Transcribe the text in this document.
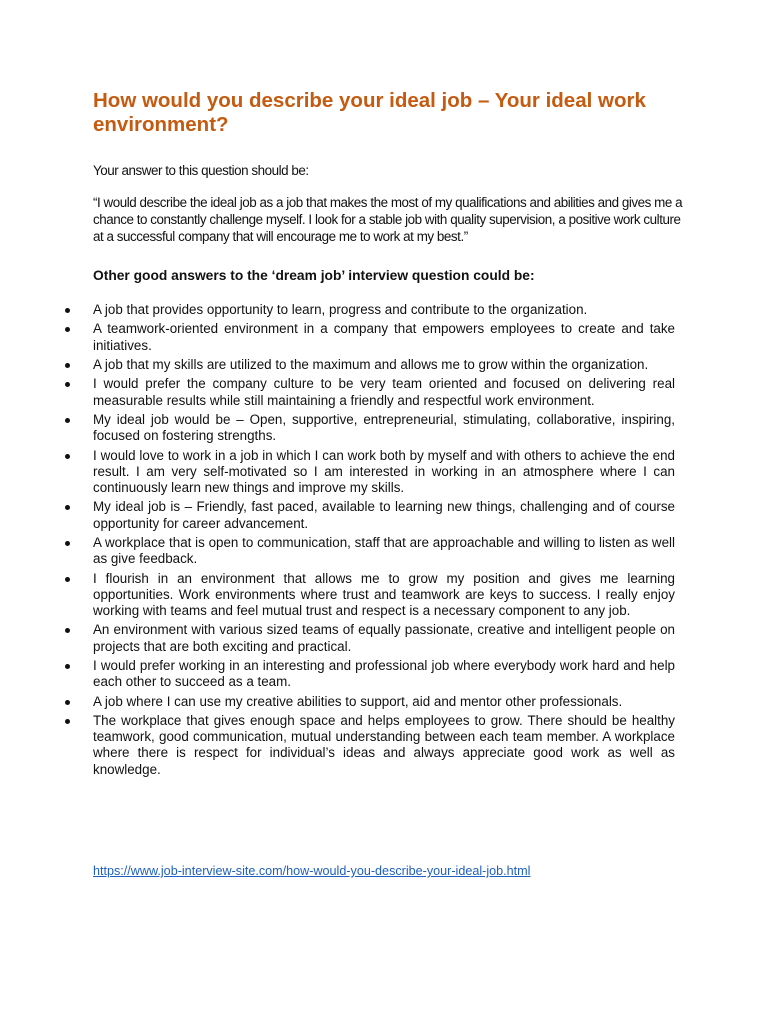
How would you describe your ideal job – Your ideal work environment?

Your answer to this question should be:

“I would describe the ideal job as a job that makes the most of my qualifications and abilities and gives me a chance to constantly challenge myself. I look for a stable job with quality supervision, a positive work culture at a successful company that will encourage me to work at my best.”

Other good answers to the ‘dream job’ interview question could be:

A job that provides opportunity to learn, progress and contribute to the organization.
A teamwork-oriented environment in a company that empowers employees to create and take initiatives.
A job that my skills are utilized to the maximum and allows me to grow within the organization.
I would prefer the company culture to be very team oriented and focused on delivering real measurable results while still maintaining a friendly and respectful work environment.
My ideal job would be – Open, supportive, entrepreneurial, stimulating, collaborative, inspiring, focused on fostering strengths.
I would love to work in a job in which I can work both by myself and with others to achieve the end result. I am very self-motivated so I am interested in working in an atmosphere where I can continuously learn new things and improve my skills.
My ideal job is – Friendly, fast paced, available to learning new things, challenging and of course opportunity for career advancement.
A workplace that is open to communication, staff that are approachable and willing to listen as well as give feedback.
I flourish in an environment that allows me to grow my position and gives me learning opportunities. Work environments where trust and teamwork are keys to success. I really enjoy working with teams and feel mutual trust and respect is a necessary component to any job.
An environment with various sized teams of equally passionate, creative and intelligent people on projects that are both exciting and practical.
I would prefer working in an interesting and professional job where everybody work hard and help each other to succeed as a team.
A job where I can use my creative abilities to support, aid and mentor other professionals.
The workplace that gives enough space and helps employees to grow. There should be healthy teamwork, good communication, mutual understanding between each team member. A workplace where there is respect for individual’s ideas and always appreciate good work as well as knowledge.
https://www.job-interview-site.com/how-would-you-describe-your-ideal-job.html
